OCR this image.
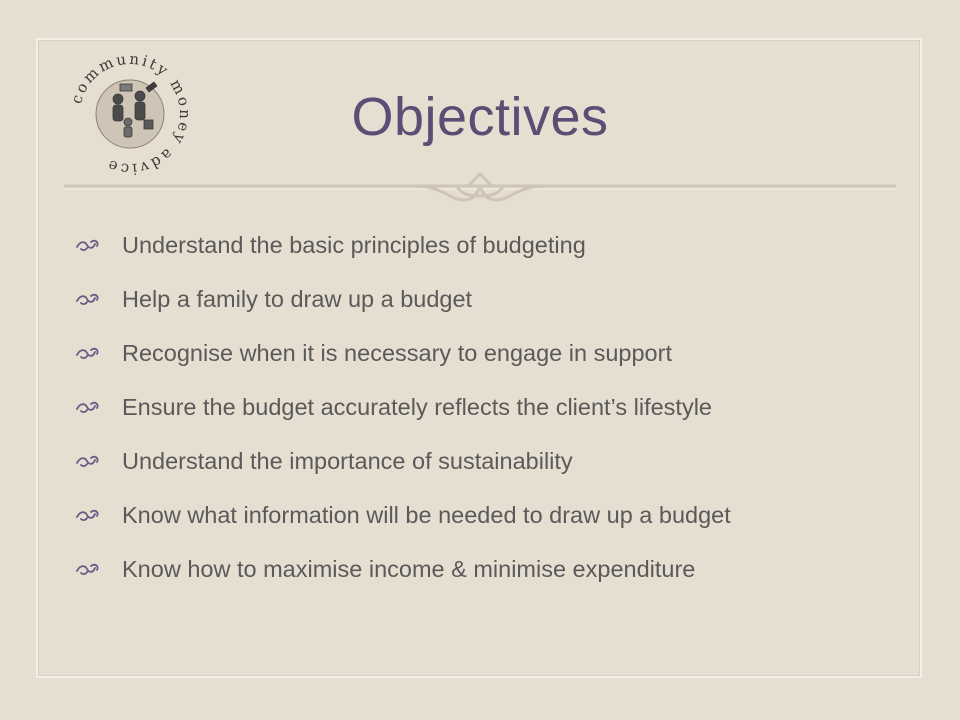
community money advice
Objectives
Understand the basic principles of budgeting
Help a family to draw up a budget
Recognise when it is necessary to engage in support
Ensure the budget accurately reflects the client’s lifestyle
Understand the importance of sustainability
Know what information will be needed to draw up a budget
Know how to maximise income & minimise expenditure
